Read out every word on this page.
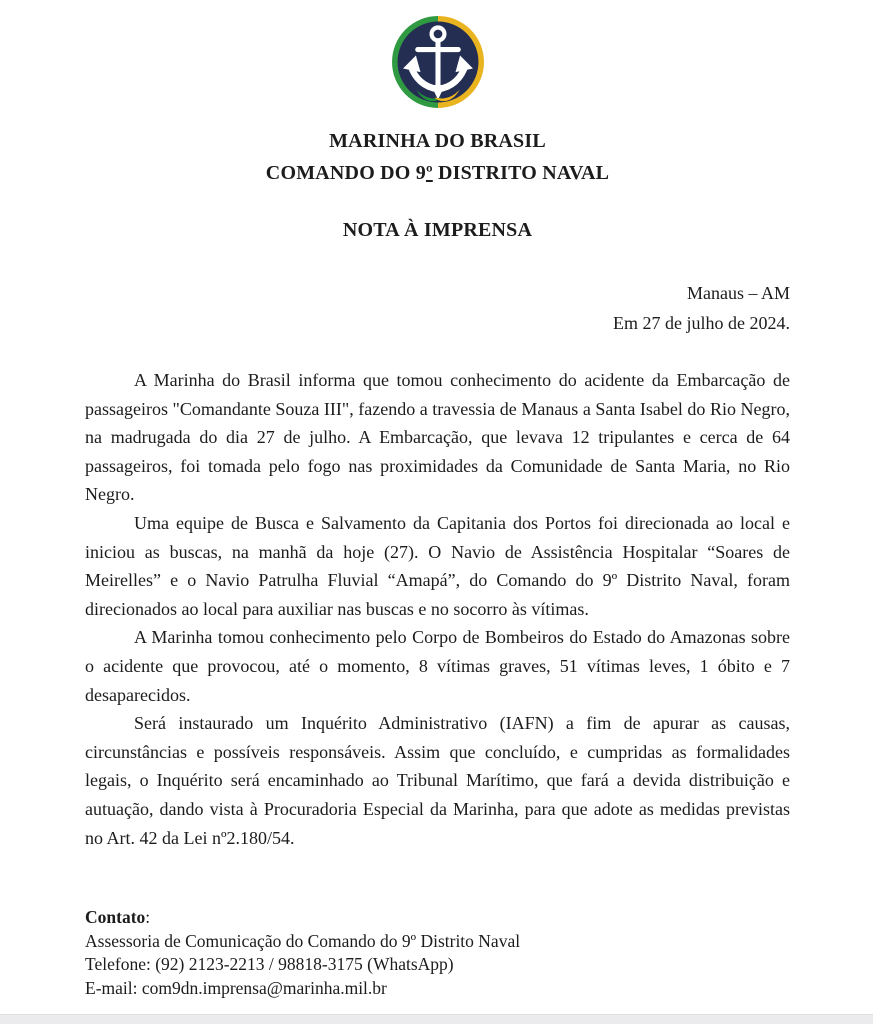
MARINHA DO BRASIL
COMANDO DO 9º DISTRITO NAVAL
NOTA À IMPRENSA
Manaus – AM
Em 27 de julho de 2024.

A Marinha do Brasil informa que tomou conhecimento do acidente da Embarcação de passageiros "Comandante Souza III", fazendo a travessia de Manaus a Santa Isabel do Rio Negro, na madrugada do dia 27 de julho. A Embarcação, que levava 12 tripulantes e cerca de 64 passageiros, foi tomada pelo fogo nas proximidades da Comunidade de Santa Maria, no Rio Negro.

Uma equipe de Busca e Salvamento da Capitania dos Portos foi direcionada ao local e iniciou as buscas, na manhã da hoje (27). O Navio de Assistência Hospitalar “Soares de Meirelles” e o Navio Patrulha Fluvial “Amapá”, do Comando do 9º Distrito Naval, foram direcionados ao local para auxiliar nas buscas e no socorro às vítimas.

A Marinha tomou conhecimento pelo Corpo de Bombeiros do Estado do Amazonas sobre o acidente que provocou, até o momento, 8 vítimas graves, 51 vítimas leves, 1 óbito e 7 desaparecidos.

Será instaurado um Inquérito Administrativo (IAFN) a fim de apurar as causas, circunstâncias e possíveis responsáveis. Assim que concluído, e cumpridas as formalidades legais, o Inquérito será encaminhado ao Tribunal Marítimo, que fará a devida distribuição e autuação, dando vista à Procuradoria Especial da Marinha, para que adote as medidas previstas no Art. 42 da Lei nº2.180/54.

Contato:
Assessoria de Comunicação do Comando do 9º Distrito Naval
Telefone: (92) 2123-2213 / 98818-3175 (WhatsApp)
E-mail: com9dn.imprensa@marinha.mil.br
